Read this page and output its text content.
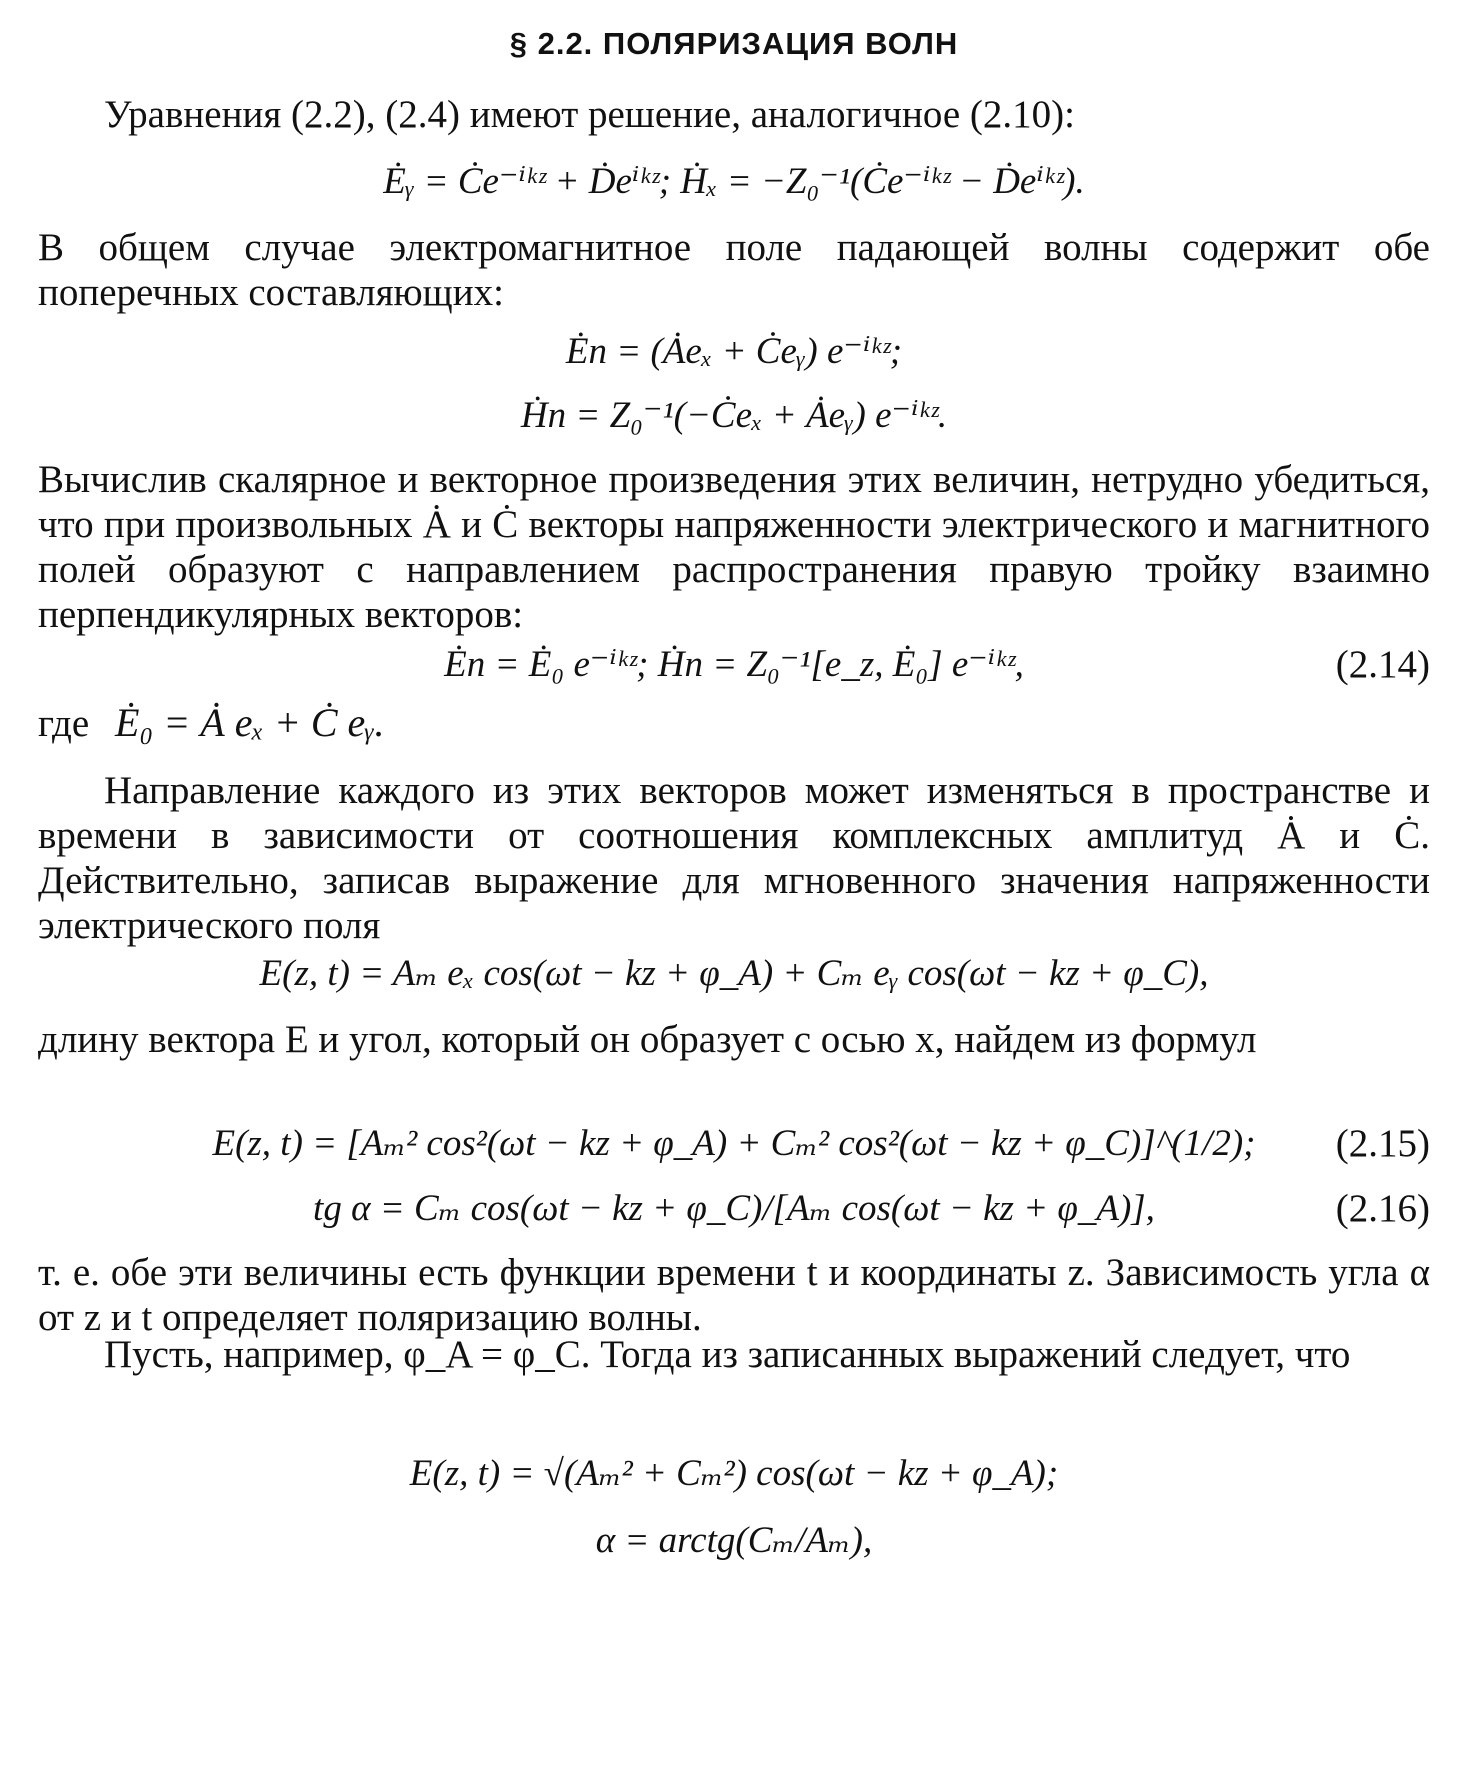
§ 2.2. ПОЛЯРИЗАЦИЯ ВОЛН
Уравнения (2.2), (2.4) имеют решение, аналогичное (2.10):
Ėᵧ = Ċe⁻ⁱᵏᶻ + Ḋeⁱᵏᶻ; Ḣₓ = −Z₀⁻¹(Ċe⁻ⁱᵏᶻ − Ḋeⁱᵏᶻ).
В общем случае электромагнитное поле падающей волны содержит обе поперечных составляющих:
Ėп = (Ȧeₓ + Ċeᵧ) e⁻ⁱᵏᶻ;
Ḣп = Z₀⁻¹(−Ċeₓ + Ȧeᵧ) e⁻ⁱᵏᶻ.
Вычислив скалярное и векторное произведения этих величин, нетрудно убедиться, что при произвольных Ȧ и Ċ векторы напряженности электрического и магнитного полей образуют с направлением распространения правую тройку взаимно перпендикулярных векторов:
Ėп = Ė₀ e⁻ⁱᵏᶻ; Ḣп = Z₀⁻¹[e_z, Ė₀] e⁻ⁱᵏᶻ,	(2.14)
где Ė₀ = Ȧ eₓ + Ċ eᵧ.
Направление каждого из этих векторов может изменяться в пространстве и времени в зависимости от соотношения комплексных амплитуд Ȧ и Ċ. Действительно, записав выражение для мгновенного значения напряженности электрического поля
E(z, t) = Aₘ eₓ cos(ωt − kz + φ_A) + Cₘ eᵧ cos(ωt − kz + φ_C),
длину вектора E и угол, который он образует с осью x, найдем из формул
E(z, t) = [Aₘ² cos²(ωt − kz + φ_A) + Cₘ² cos²(ωt − kz + φ_C)]^(1/2);	(2.15)
tg α = Cₘ cos(ωt − kz + φ_C)/[Aₘ cos(ωt − kz + φ_A)],	(2.16)
т. е. обе эти величины есть функции времени t и координаты z. Зависимость угла α от z и t определяет поляризацию волны.
Пусть, например, φ_A = φ_C. Тогда из записанных выражений следует, что
E(z, t) = √(Aₘ² + Cₘ²) cos(ωt − kz + φ_A);
α = arctg(Cₘ/Aₘ),
